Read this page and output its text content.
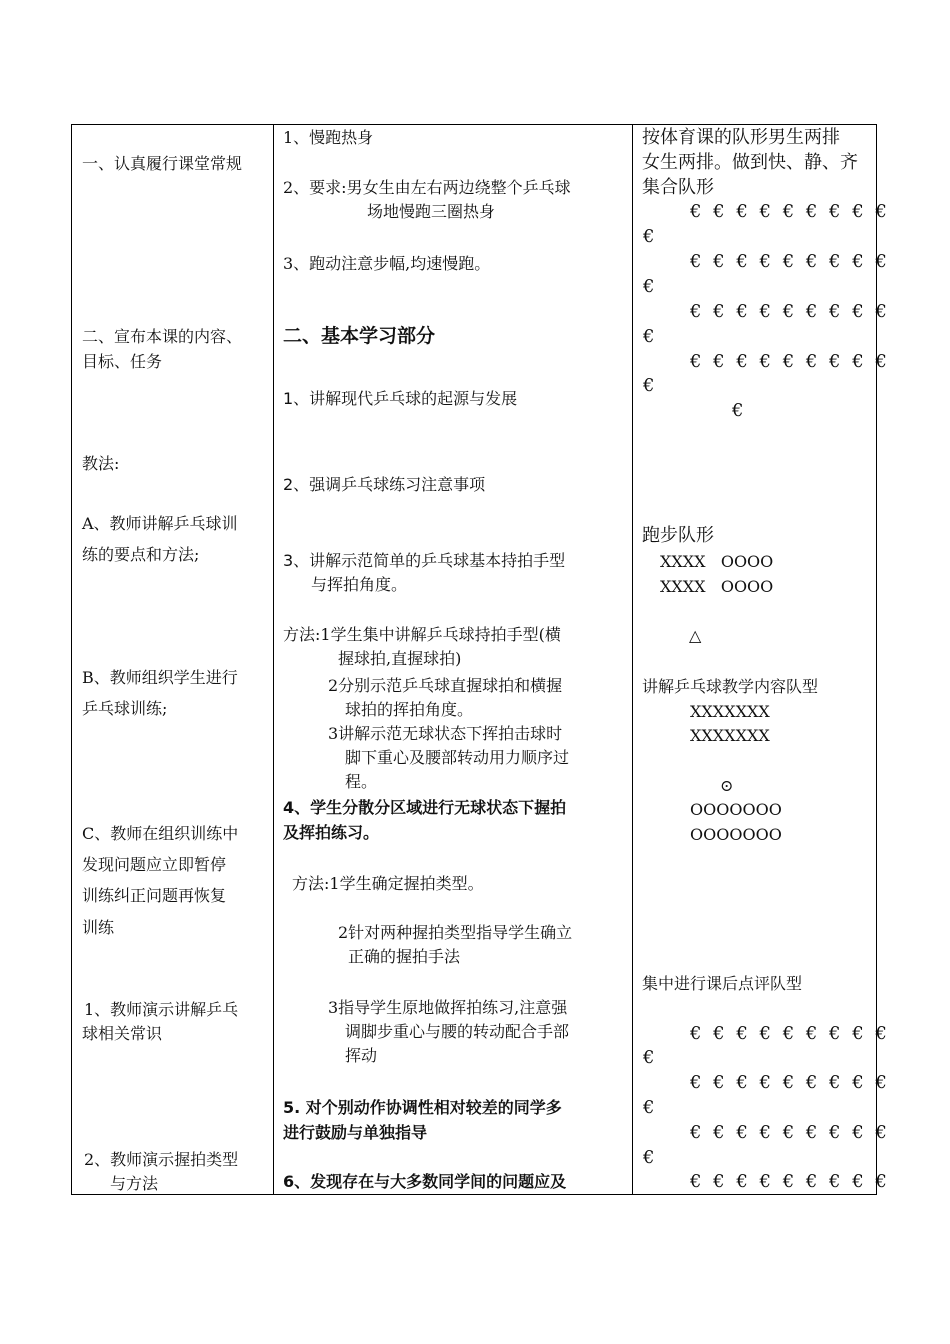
一、认真履行课堂常规
二、宣布本课的内容、
目标、任务
教法:
A、教师讲解乒乓球训
练的要点和方法;
B、教师组织学生进行
乒乓球训练;
C、教师在组织训练中
发现问题应立即暂停
训练纠正问题再恢复
训练
1、教师演示讲解乒乓
球相关常识
2、教师演示握拍类型
与方法
1、慢跑热身
2、要求:男女生由左右两边绕整个乒乓球
场地慢跑三圈热身
3、跑动注意步幅,均速慢跑。
二、基本学习部分
1、讲解现代乒乓球的起源与发展
2、强调乒乓球练习注意事项
3、讲解示范简单的乒乓球基本持拍手型
与挥拍角度。
方法:1学生集中讲解乒乓球持拍手型(横
握球拍,直握球拍)
2分别示范乒乓球直握球拍和横握
球拍的挥拍角度。
3讲解示范无球状态下挥拍击球时
脚下重心及腰部转动用力顺序过
程。
4、学生分散分区域进行无球状态下握拍
及挥拍练习。
方法:1学生确定握拍类型。
2针对两种握拍类型指导学生确立
正确的握拍手法
3指导学生原地做挥拍练习,注意强
调脚步重心与腰的转动配合手部
挥动
5. 对个别动作协调性相对较差的同学多
进行鼓励与单独指导
6、发现存在与大多数同学间的问题应及
按体育课的队形男生两排
女生两排。做到快、静、齐
集合队形
€ € € € € € € € €
€
€ € € € € € € € €
€
€ € € € € € € € €
€
€ € € € € € € € €
€
€
跑步队形
XXXX   OOOO
XXXX   OOOO
△
讲解乒乓球教学内容队型
XXXXXXX
XXXXXXX
⊙
OOOOOOO
OOOOOOO
集中进行课后点评队型
€ € € € € € € € €
€
€ € € € € € € € €
€
€ € € € € € € € €
€
€ € € € € € € € €
